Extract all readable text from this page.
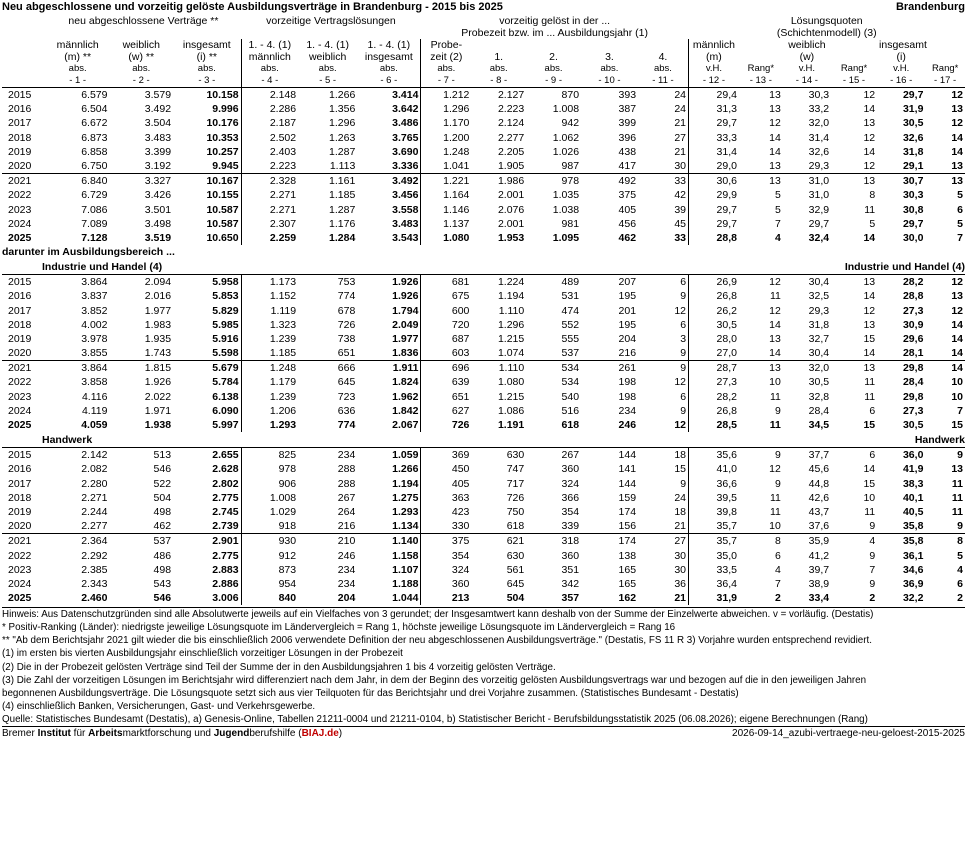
Neu abgeschlossene und vorzeitig gelöste Ausbildungsverträge in Brandenburg - 2015 bis 2025	Brandenburg
	neu abgeschlossene Verträge **			vorzeitige Vertragslösungen			vorzeitig gelöst in der ...					Lösungsquoten					
							Probezeit bzw. im ... Ausbildungsjahr (1)					(Schichtenmodell) (3)					
	männlich	weiblich	insgesamt	1. - 4. (1)	1. - 4. (1)	1. - 4. (1)	Probe-					männlich		weiblich		insgesamt	
	(m) **	(w) **	(i) **	männlich	weiblich	insgesamt	zeit (2)	1.	2.	3.	4.	(m)		(w)		(i)	
	abs.	abs.	abs.	abs.	abs.	abs.	abs.	abs.	abs.	abs.	abs.	v.H.	Rang*	v.H.	Rang*	v.H.	Rang*
	- 1 -	- 2 -	- 3 -	- 4 -	- 5 -	- 6 -	- 7 -	- 8 -	- 9 -	- 10 -	- 11 -	- 12 -	- 13 -	- 14 -	- 15 -	- 16 -	- 17 -
2015	6.579	3.579	10.158	2.148	1.266	3.414	1.212	2.127	870	393	24	29,4	13	30,3	12	29,7	12
2016	6.504	3.492	9.996	2.286	1.356	3.642	1.296	2.223	1.008	387	24	31,3	13	33,2	14	31,9	13
2017	6.672	3.504	10.176	2.187	1.296	3.486	1.170	2.124	942	399	21	29,7	12	32,0	13	30,5	12
2018	6.873	3.483	10.353	2.502	1.263	3.765	1.200	2.277	1.062	396	27	33,3	14	31,4	12	32,6	14
2019	6.858	3.399	10.257	2.403	1.287	3.690	1.248	2.205	1.026	438	21	31,4	14	32,6	14	31,8	14
2020	6.750	3.192	9.945	2.223	1.113	3.336	1.041	1.905	987	417	30	29,0	13	29,3	12	29,1	13
2021	6.840	3.327	10.167	2.328	1.161	3.492	1.221	1.986	978	492	33	30,6	13	31,0	13	30,7	13
2022	6.729	3.426	10.155	2.271	1.185	3.456	1.164	2.001	1.035	375	42	29,9	5	31,0	8	30,3	5
2023	7.086	3.501	10.587	2.271	1.287	3.558	1.146	2.076	1.038	405	39	29,7	5	32,9	11	30,8	6
2024	7.089	3.498	10.587	2.307	1.176	3.483	1.137	2.001	981	456	45	29,7	7	29,7	5	29,7	5
2025	7.128	3.519	10.650	2.259	1.284	3.543	1.080	1.953	1.095	462	33	28,8	4	32,4	14	30,0	7
darunter im Ausbildungsbereich ...
Industrie und Handel (4)	Industrie und Handel (4)
2015	3.864	2.094	5.958	1.173	753	1.926	681	1.224	489	207	6	26,9	12	30,4	13	28,2	12
2016	3.837	2.016	5.853	1.152	774	1.926	675	1.194	531	195	9	26,8	11	32,5	14	28,8	13
2017	3.852	1.977	5.829	1.119	678	1.794	600	1.110	474	201	12	26,2	12	29,3	12	27,3	12
2018	4.002	1.983	5.985	1.323	726	2.049	720	1.296	552	195	6	30,5	14	31,8	13	30,9	14
2019	3.978	1.935	5.916	1.239	738	1.977	687	1.215	555	204	3	28,0	13	32,7	15	29,6	14
2020	3.855	1.743	5.598	1.185	651	1.836	603	1.074	537	216	9	27,0	14	30,4	14	28,1	14
2021	3.864	1.815	5.679	1.248	666	1.911	696	1.110	534	261	9	28,7	13	32,0	13	29,8	14
2022	3.858	1.926	5.784	1.179	645	1.824	639	1.080	534	198	12	27,3	10	30,5	11	28,4	10
2023	4.116	2.022	6.138	1.239	723	1.962	651	1.215	540	198	6	28,2	11	32,8	11	29,8	10
2024	4.119	1.971	6.090	1.206	636	1.842	627	1.086	516	234	9	26,8	9	28,4	6	27,3	7
2025	4.059	1.938	5.997	1.293	774	2.067	726	1.191	618	246	12	28,5	11	34,5	15	30,5	15
Handwerk	Handwerk
2015	2.142	513	2.655	825	234	1.059	369	630	267	144	18	35,6	9	37,7	6	36,0	9
2016	2.082	546	2.628	978	288	1.266	450	747	360	141	15	41,0	12	45,6	14	41,9	13
2017	2.280	522	2.802	906	288	1.194	405	717	324	144	9	36,6	9	44,8	15	38,3	11
2018	2.271	504	2.775	1.008	267	1.275	363	726	366	159	24	39,5	11	42,6	10	40,1	11
2019	2.244	498	2.745	1.029	264	1.293	423	750	354	174	18	39,8	11	43,7	11	40,5	11
2020	2.277	462	2.739	918	216	1.134	330	618	339	156	21	35,7	10	37,6	9	35,8	9
2021	2.364	537	2.901	930	210	1.140	375	621	318	174	27	35,7	8	35,9	4	35,8	8
2022	2.292	486	2.775	912	246	1.158	354	630	360	138	30	35,0	6	41,2	9	36,1	5
2023	2.385	498	2.883	873	234	1.107	324	561	351	165	30	33,5	4	39,7	7	34,6	4
2024	2.343	543	2.886	954	234	1.188	360	645	342	165	36	36,4	7	38,9	9	36,9	6
2025	2.460	546	3.006	840	204	1.044	213	504	357	162	21	31,9	2	33,4	2	32,2	2
Hinweis: Aus Datenschutzgründen sind alle Absolutwerte jeweils auf ein Vielfaches von 3 gerundet; der Insgesamtwert kann deshalb von der Summe der Einzelwerte abweichen. v = vorläufig. (Destatis)
* Positiv-Ranking (Länder): niedrigste jeweilige Lösungsquote im Ländervergleich = Rang 1, höchste jeweilige Lösungsquote im Ländervergleich = Rang 16
** "Ab dem Berichtsjahr 2021 gilt wieder die bis einschließlich 2006 verwendete Definition der neu abgeschlossenen Ausbildungsverträge." (Destatis, FS 11 R 3) Vorjahre wurden entsprechend revidiert.
(1) im ersten bis vierten Ausbildungsjahr einschließlich vorzeitiger Lösungen in der Probezeit
(2) Die in der Probezeit gelösten Verträge sind Teil der Summe der in den Ausbildungsjahren 1 bis 4 vorzeitig gelösten Verträge.
(3) Die Zahl der vorzeitigen Lösungen im Berichtsjahr wird differenziert nach dem Jahr, in dem der Beginn des vorzeitig gelösten Ausbildungsvertrags war und bezogen auf die in den jeweiligen Jahren
begonnenen Ausbildungsverträge. Die Lösungsquote setzt sich aus vier Teilquoten für das Berichtsjahr und drei Vorjahre zusammen. (Statistisches Bundesamt - Destatis)
(4) einschließlich Banken, Versicherungen, Gast- und Verkehrsgewerbe.
Quelle: Statistisches Bundesamt (Destatis), a) Genesis-Online, Tabellen 21211-0004 und 21211-0104, b) Statistischer Bericht - Berufsbildungsstatistik 2025 (06.08.2026); eigene Berechnungen (Rang)
Bremer Institut für Arbeitsmarktforschung und Jugendberufshilfe (BIAJ.de)	2026-09-14_azubi-vertraege-neu-geloest-2015-2025
